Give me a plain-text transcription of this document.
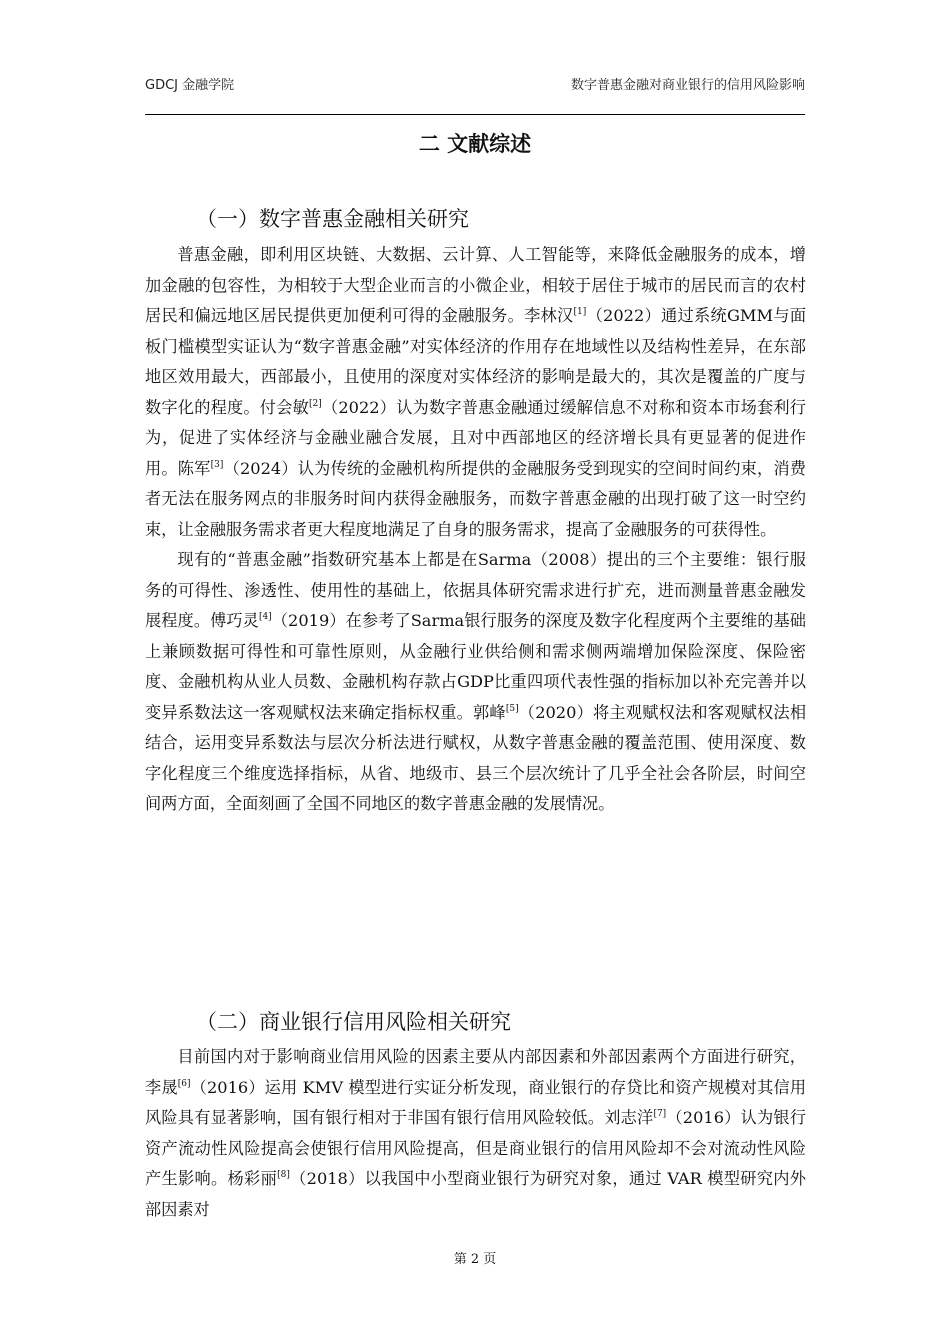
GDCJ 金融学院	数字普惠金融对商业银行的信用风险影响
二 文献综述
（一）数字普惠金融相关研究

普惠金融，即利用区块链、大数据、云计算、人工智能等，来降低金融服务的成本，增加金融的包容性，为相较于大型企业而言的小微企业，相较于居住于城市的居民而言的农村居民和偏远地区居民提供更加便利可得的金融服务。李林汉[1]（2022）通过系统GMM与面板门槛模型实证认为“数字普惠金融”对实体经济的作用存在地域性以及结构性差异，在东部地区效用最大，西部最小，且使用的深度对实体经济的影响是最大的，其次是覆盖的广度与数字化的程度。付会敏[2]（2022）认为数字普惠金融通过缓解信息不对称和资本市场套利行为，促进了实体经济与金融业融合发展，且对中西部地区的经济增长具有更显著的促进作用。陈军[3]（2024）认为传统的金融机构所提供的金融服务受到现实的空间时间约束，消费者无法在服务网点的非服务时间内获得金融服务，而数字普惠金融的出现打破了这一时空约束，让金融服务需求者更大程度地满足了自身的服务需求，提高了金融服务的可获得性。

现有的“普惠金融”指数研究基本上都是在Sarma（2008）提出的三个主要维：银行服务的可得性、渗透性、使用性的基础上，依据具体研究需求进行扩充，进而测量普惠金融发展程度。傅巧灵[4]（2019）在参考了Sarma银行服务的深度及数字化程度两个主要维的基础上兼顾数据可得性和可靠性原则，从金融行业供给侧和需求侧两端增加保险深度、保险密度、金融机构从业人员数、金融机构存款占GDP比重四项代表性强的指标加以补充完善并以变异系数法这一客观赋权法来确定指标权重。郭峰[5]（2020）将主观赋权法和客观赋权法相结合，运用变异系数法与层次分析法进行赋权，从数字普惠金融的覆盖范围、使用深度、数字化程度三个维度选择指标，从省、地级市、县三个层次统计了几乎全社会各阶层，时间空间两方面，全面刻画了全国不同地区的数字普惠金融的发展情况。

（二）商业银行信用风险相关研究

目前国内对于影响商业信用风险的因素主要从内部因素和外部因素两个方面进行研究，李晟[6]（2016）运用 KMV 模型进行实证分析发现，商业银行的存贷比和资产规模对其信用风险具有显著影响，国有银行相对于非国有银行信用风险较低。刘志洋[7]（2016）认为银行资产流动性风险提高会使银行信用风险提高，但是商业银行的信用风险却不会对流动性风险产生影响。杨彩丽[8]（2018）以我国中小型商业银行为研究对象，通过 VAR 模型研究内外部因素对

第 2 页
